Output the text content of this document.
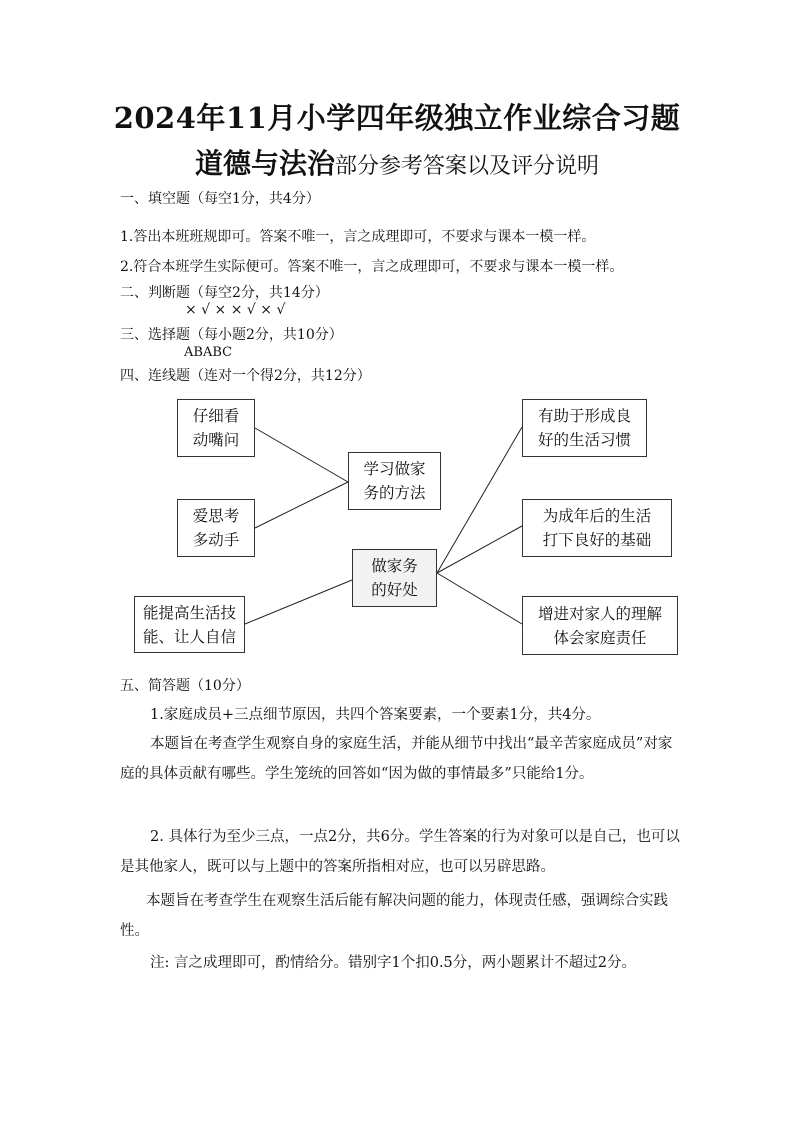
2024年11月小学四年级独立作业综合习题
道德与法治部分参考答案以及评分说明
一、填空题（每空1分，共4分）
1.答出本班班规即可。答案不唯一，言之成理即可，不要求与课本一模一样。
2.符合本班学生实际便可。答案不唯一，言之成理即可，不要求与课本一模一样。
二、判断题（每空2分，共14分）
× √ × × √ × √
三、选择题（每小题2分，共10分）
ABABC
四、连线题（连对一个得2分，共12分）
仔细看
动嘴问
爱思考
多动手
能提高生活技
能、让人自信
学习做家
务的方法
做家务
的好处
有助于形成良
好的生活习惯
为成年后的生活
打下良好的基础
增进对家人的理解
体会家庭责任
五、简答题（10分）
1.家庭成员+三点细节原因，共四个答案要素，一个要素1分，共4分。
本题旨在考查学生观察自身的家庭生活，并能从细节中找出“最辛苦家庭成员”对家庭的具体贡献有哪些。学生笼统的回答如“因为做的事情最多”只能给1分。
2. 具体行为至少三点，一点2分，共6分。学生答案的行为对象可以是自己，也可以是其他家人，既可以与上题中的答案所指相对应，也可以另辟思路。
本题旨在考查学生在观察生活后能有解决问题的能力，体现责任感，强调综合实践性。
注: 言之成理即可，酌情给分。错别字1个扣0.5分，两小题累计不超过2分。
